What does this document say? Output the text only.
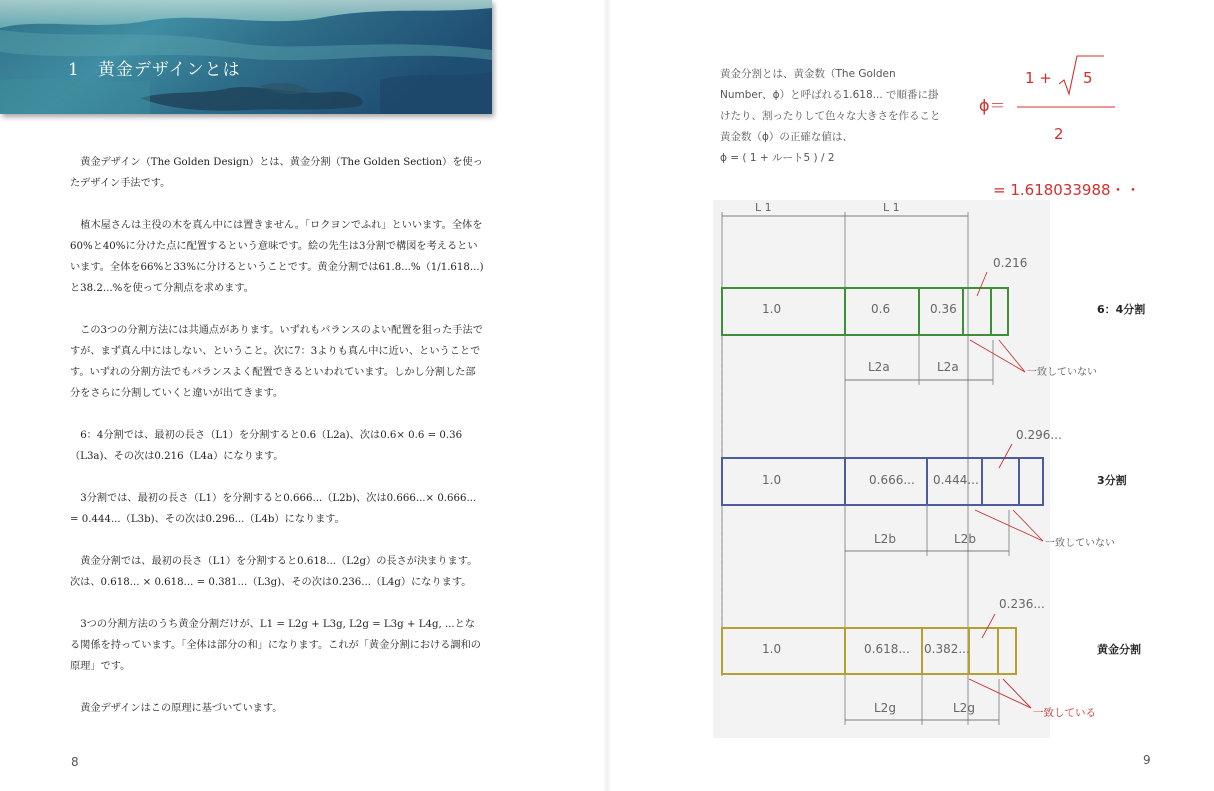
1 黄金デザインとは

黄金デザイン（The Golden Design）とは、黄金分割（The Golden Section）を使ったデザイン手法です。

植木屋さんは主役の木を真ん中には置きません。「ロクヨンでふれ」といいます。全体を60%と40%に分けた点に配置するという意味です。絵の先生は3分割で構図を考えるといいます。全体を66%と33%に分けるということです。黄金分割では61.8...%（1/1.618...)と38.2...%を使って分割点を求めます。

この3つの分割方法には共通点があります。いずれもバランスのよい配置を狙った手法ですが、まず真ん中にはしない、ということ。次に7：3よりも真ん中に近い、ということです。いずれの分割方法でもバランスよく配置できるといわれています。しかし分割した部分をさらに分割していくと違いが出てきます。

6：4分割では、最初の長さ（L1）を分割すると0.6（L2a)、次は0.6× 0.6 = 0.36（L3a)、その次は0.216（L4a）になります。

3分割では、最初の長さ（L1）を分割すると0.666...（L2b)、次は0.666...× 0.666... = 0.444...（L3b)、その次は0.296...（L4b）になります。

黄金分割では、最初の長さ（L1）を分割すると0.618...（L2g）の長さが決まります。次は、0.618... × 0.618... = 0.381...（L3g)、その次は0.236...（L4g）になります。

3つの分割方法のうち黄金分割だけが、L1 = L2g + L3g, L2g = L3g + L4g, ...となる関係を持っています。「全体は部分の和」になります。これが「黄金分割における調和の原理」です。

黄金デザインはこの原理に基づいています。

8
黄金分割とは、黄金数（The Golden
Number、ϕ）と呼ばれる1.618... で順番に掛
けたり、割ったりして色々な大きさを作ること
黄金数（ϕ）の正確な値は、
ϕ = ( 1 + ルート5 ) / 2
ϕ＝
1 + 5
2
= 1.618033988・・
L 1	L 1
1.0	0.6	0.36
0.216
L2a	L2a	一致していない
6：4分割
1.0	0.666... 0.444...
0.296...
L2b	L2b	一致していない
3分割
1.0	0.618... 0.382...
0.236...
L2g	L2g	一致している
黄金分割
9
